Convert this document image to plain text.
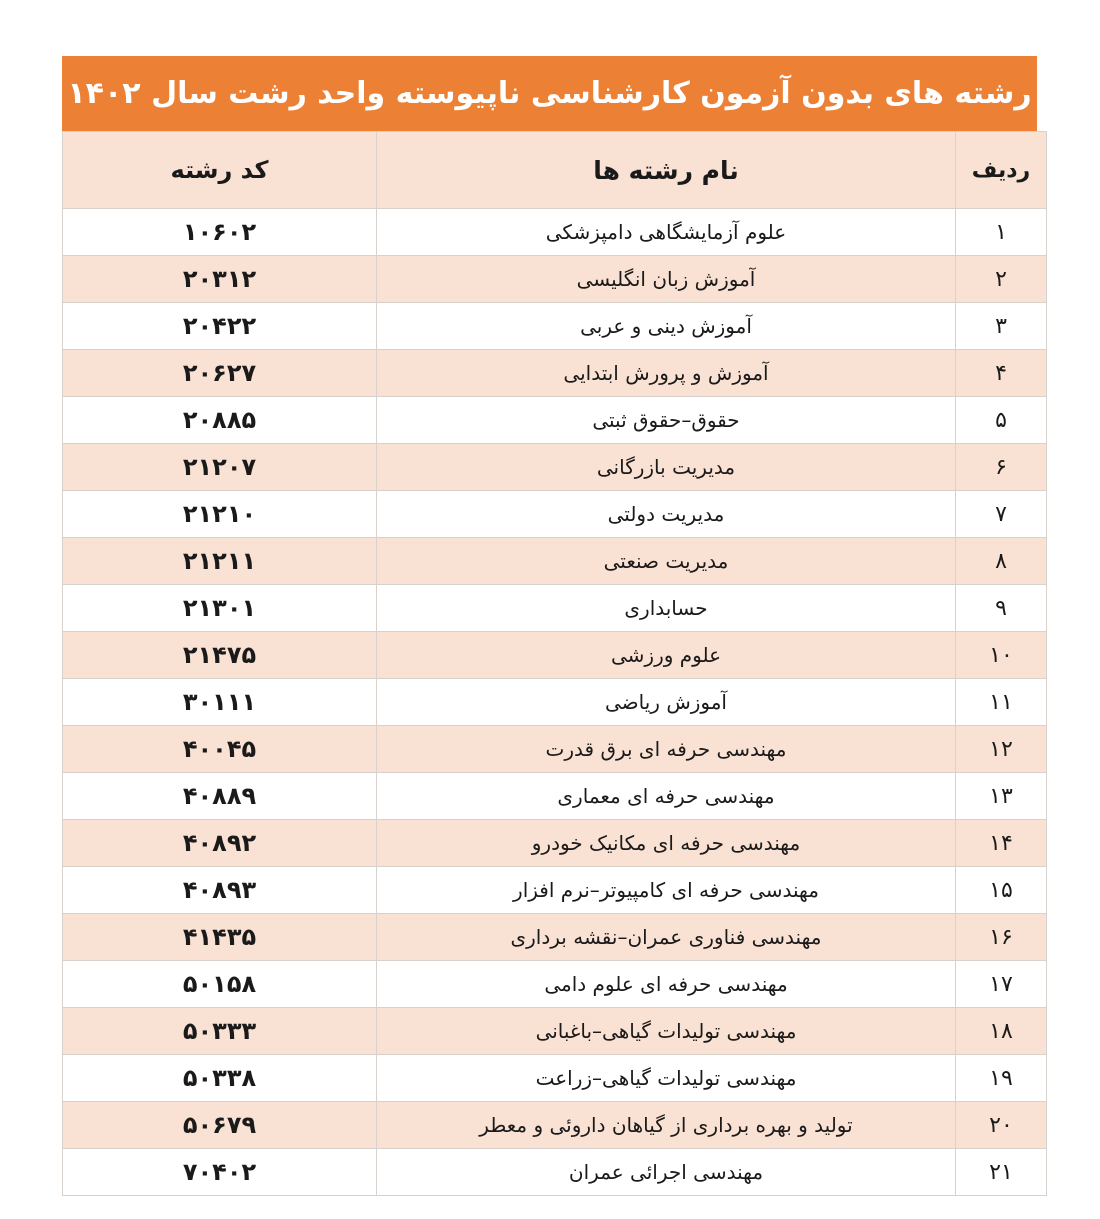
رشته های بدون آزمون کارشناسی ناپیوسته واحد رشت سال ۱۴۰۲
ردیف	نام رشته ها	کد رشته
۱	علوم آزمایشگاهی دامپزشکی	۱۰۶۰۲
۲	آموزش زبان انگلیسی	۲۰۳۱۲
۳	آموزش دینی و عربی	۲۰۴۲۲
۴	آموزش و پرورش ابتدایی	۲۰۶۲۷
۵	حقوق–حقوق ثبتی	۲۰۸۸۵
۶	مدیریت بازرگانی	۲۱۲۰۷
۷	مدیریت دولتی	۲۱۲۱۰
۸	مدیریت صنعتی	۲۱۲۱۱
۹	حسابداری	۲۱۳۰۱
۱۰	علوم ورزشی	۲۱۴۷۵
۱۱	آموزش ریاضی	۳۰۱۱۱
۱۲	مهندسی حرفه ای برق قدرت	۴۰۰۴۵
۱۳	مهندسی حرفه ای معماری	۴۰۸۸۹
۱۴	مهندسی حرفه ای مکانیک خودرو	۴۰۸۹۲
۱۵	مهندسی حرفه ای کامپیوتر–نرم افزار	۴۰۸۹۳
۱۶	مهندسی فناوری عمران–نقشه برداری	۴۱۴۳۵
۱۷	مهندسی حرفه ای علوم دامی	۵۰۱۵۸
۱۸	مهندسی تولیدات گیاهی–باغبانی	۵۰۳۳۳
۱۹	مهندسی تولیدات گیاهی–زراعت	۵۰۳۳۸
۲۰	تولید و بهره برداری از گیاهان داروئی و معطر	۵۰۶۷۹
۲۱	مهندسی اجرائی عمران	۷۰۴۰۲
